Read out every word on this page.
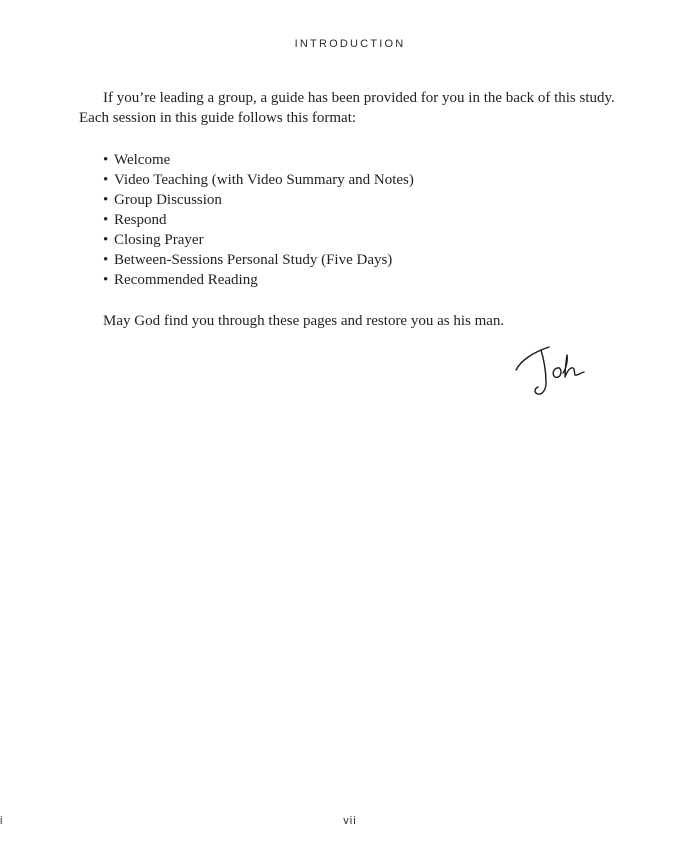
INTRODUCTION

If you’re leading a group, a guide has been provided for you in the back of this study. Each session in this guide follows this format:

• Welcome
• Video Teaching (with Video Summary and Notes)
• Group Discussion
• Respond
• Closing Prayer
• Between-Sessions Personal Study (Five Days)
• Recommended Reading

May God find you through these pages and restore you as his man.

i	vii
